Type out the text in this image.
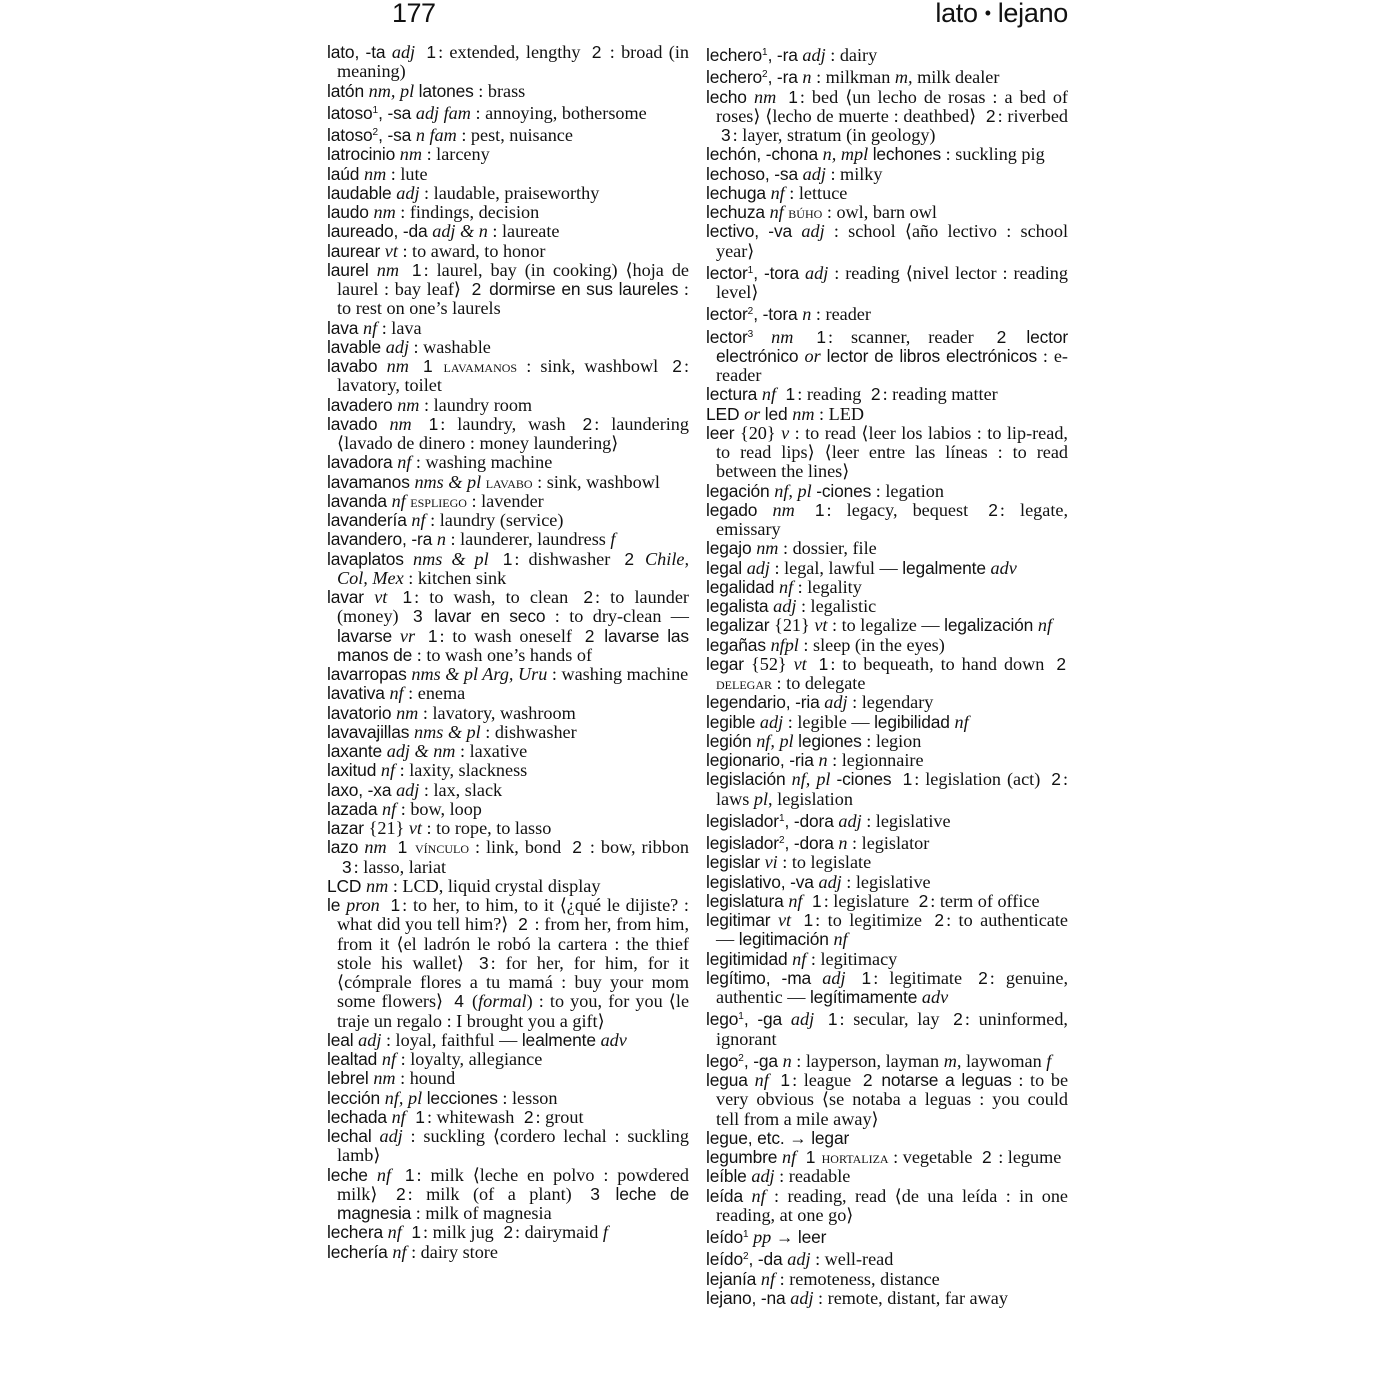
177	lato • lejano

lato, -ta adj 1 : extended, lengthy 2 : broad (in meaning)

latón nm, pl latones : brass

latoso$^1$, -sa adj fam : annoying, bothersome

latoso$^2$, -sa n fam : pest, nuisance

latrocinio nm : larceny

laúd nm : lute

laudable adj : laudable, praiseworthy

laudo nm : findings, decision

laureado, -da adj & n : laureate

laurear vt : to award, to honor

laurel nm 1 : laurel, bay (in cooking) ⟨hoja de laurel : bay leaf⟩ 2 dormirse en sus laureles : to rest on one’s laurels

lava nf : lava

lavable adj : washable

lavabo nm 1 lavamanos : sink, washbowl 2 : lavatory, toilet

lavadero nm : laundry room

lavado nm 1 : laundry, wash 2 : laundering ⟨lavado de dinero : money laundering⟩

lavadora nf : washing machine

lavamanos nms & pl lavabo : sink, washbowl

lavanda nf espliego : lavender

lavandería nf : laundry (service)

lavandero, -ra n : launderer, laundress f

lavaplatos nms & pl 1 : dishwasher 2 Chile, Col, Mex : kitchen sink

lavar vt 1 : to wash, to clean 2 : to launder (money) 3 lavar en seco : to dry-clean — lavarse vr 1 : to wash oneself 2 lavarse las manos de : to wash one’s hands of

lavarropas nms & pl Arg, Uru : washing machine

lavativa nf : enema

lavatorio nm : lavatory, washroom

lavavajillas nms & pl : dishwasher

laxante adj & nm : laxative

laxitud nf : laxity, slackness

laxo, -xa adj : lax, slack

lazada nf : bow, loop

lazar {21} vt : to rope, to lasso

lazo nm 1 vínculo : link, bond 2 : bow, ribbon 3 : lasso, lariat

LCD nm : LCD, liquid crystal display

le pron 1 : to her, to him, to it ⟨¿qué le dijiste? : what did you tell him?⟩ 2 : from her, from him, from it ⟨el ladrón le robó la cartera : the thief stole his wallet⟩ 3 : for her, for him, for it ⟨cómprale flores a tu mamá : buy your mom some flowers⟩ 4 (formal) : to you, for you ⟨le traje un regalo : I brought you a gift⟩

leal adj : loyal, faithful — lealmente adv

lealtad nf : loyalty, allegiance

lebrel nm : hound

lección nf, pl lecciones : lesson

lechada nf 1 : whitewash 2 : grout

lechal adj : suckling ⟨cordero lechal : suckling lamb⟩

leche nf 1 : milk ⟨leche en polvo : powdered milk⟩ 2 : milk (of a plant) 3 leche de magnesia : milk of magnesia

lechera nf 1 : milk jug 2 : dairymaid f

lechería nf : dairy store

lechero$^1$, -ra adj : dairy

lechero$^2$, -ra n : milkman m, milk dealer

lecho nm 1 : bed ⟨un lecho de rosas : a bed of roses⟩ ⟨lecho de muerte : deathbed⟩ 2 : riverbed 3 : layer, stratum (in geology)

lechón, -chona n, mpl lechones : suckling pig

lechoso, -sa adj : milky

lechuga nf : lettuce

lechuza nf búho : owl, barn owl

lectivo, -va adj : school ⟨año lectivo : school year⟩

lector$^1$, -tora adj : reading ⟨nivel lector : reading level⟩

lector$^2$, -tora n : reader

lector$^3$ nm 1 : scanner, reader 2 lector electrónico or lector de libros electrónicos : e-reader

lectura nf 1 : reading 2 : reading matter

LED or led nm : LED

leer {20} v : to read ⟨leer los labios : to lip-read, to read lips⟩ ⟨leer entre las líneas : to read between the lines⟩

legación nf, pl -ciones : legation

legado nm 1 : legacy, bequest 2 : legate, emissary

legajo nm : dossier, file

legal adj : legal, lawful — legalmente adv

legalidad nf : legality

legalista adj : legalistic

legalizar {21} vt : to legalize — legalización nf

legañas nfpl : sleep (in the eyes)

legar {52} vt 1 : to bequeath, to hand down 2 delegar : to delegate

legendario, -ria adj : legendary

legible adj : legible — legibilidad nf

legión nf, pl legiones : legion

legionario, -ria n : legionnaire

legislación nf, pl -ciones 1 : legislation (act) 2 : laws pl, legislation

legislador$^1$, -dora adj : legislative

legislador$^2$, -dora n : legislator

legislar vi : to legislate

legislativo, -va adj : legislative

legislatura nf 1 : legislature 2 : term of office

legitimar vt 1 : to legitimize 2 : to authenticate — legitimación nf

legitimidad nf : legitimacy

legítimo, -ma adj 1 : legitimate 2 : genuine, authentic — legítimamente adv

lego$^1$, -ga adj 1 : secular, lay 2 : uninformed, ignorant

lego$^2$, -ga n : layperson, layman m, laywoman f

legua nf 1 : league 2 notarse a leguas : to be very obvious ⟨se notaba a leguas : you could tell from a mile away⟩

legue, etc. → legar

legumbre nf 1 hortaliza : vegetable 2 : legume

leíble adj : readable

leída nf : reading, read ⟨de una leída : in one reading, at one go⟩

leído$^1$ pp → leer

leído$^2$, -da adj : well-read

lejanía nf : remoteness, distance

lejano, -na adj : remote, distant, far away
